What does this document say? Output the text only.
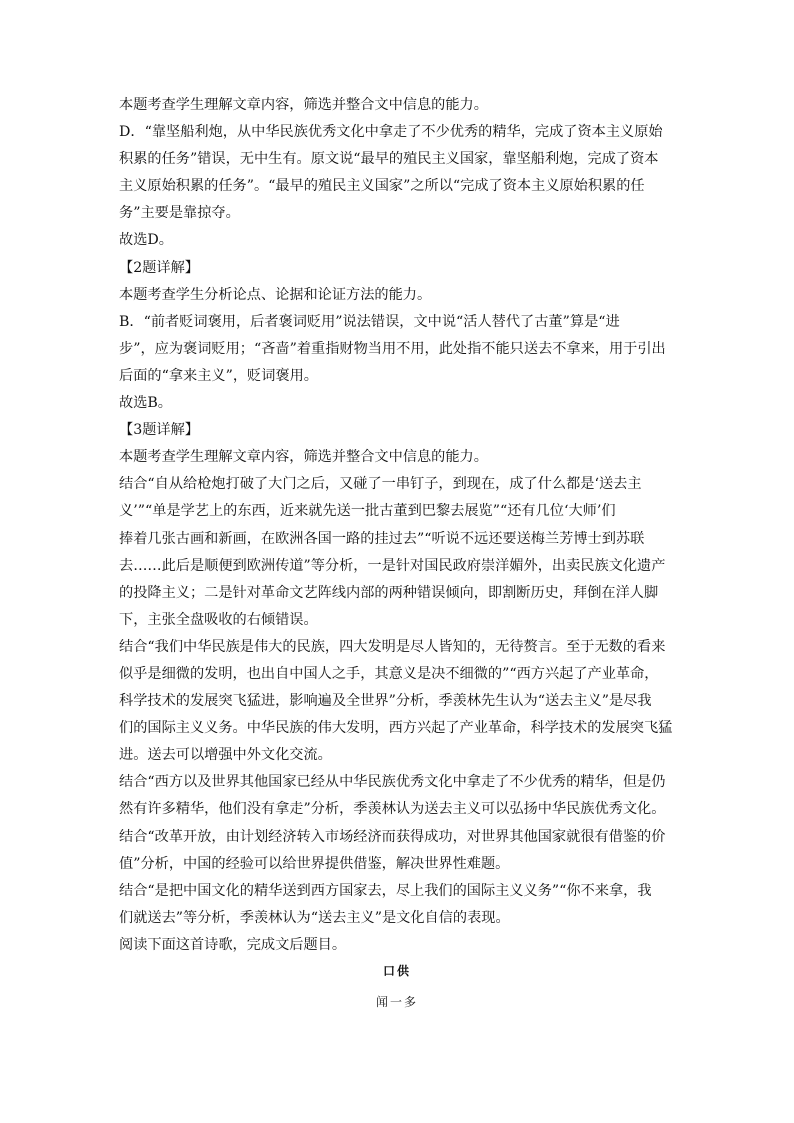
本题考查学生理解文章内容，筛选并整合文中信息的能力。
D．“靠坚船利炮，从中华民族优秀文化中拿走了不少优秀的精华，完成了资本主义原始
积累的任务”错误，无中生有。原文说“最早的殖民主义国家，靠坚船利炮，完成了资本
主义原始积累的任务”。“最早的殖民主义国家”之所以“完成了资本主义原始积累的任
务”主要是靠掠夺。
故选D。
【2题详解】
本题考查学生分析论点、论据和论证方法的能力。
B．“前者贬词褒用，后者褒词贬用”说法错误，文中说“活人替代了古董”算是“进
步”，应为褒词贬用；“吝啬”着重指财物当用不用，此处指不能只送去不拿来，用于引出
后面的“拿来主义”，贬词褒用。
故选B。
【3题详解】
本题考查学生理解文章内容，筛选并整合文中信息的能力。
结合“自从给枪炮打破了大门之后，又碰了一串钉子，到现在，成了什么都是‘送去主
义’”“单是学艺上的东西，近来就先送一批古董到巴黎去展览”“还有几位‘大师’们
捧着几张古画和新画，在欧洲各国一路的挂过去”“听说不远还要送梅兰芳博士到苏联
去……此后是顺便到欧洲传道”等分析，一是针对国民政府崇洋媚外，出卖民族文化遗产
的投降主义；二是针对革命文艺阵线内部的两种错误倾向，即割断历史，拜倒在洋人脚
下，主张全盘吸收的右倾错误。
结合“我们中华民族是伟大的民族，四大发明是尽人皆知的，无待赘言。至于无数的看来
似乎是细微的发明，也出自中国人之手，其意义是决不细微的”“西方兴起了产业革命，
科学技术的发展突飞猛进，影响遍及全世界”分析，季羡林先生认为“送去主义”是尽我
们的国际主义义务。中华民族的伟大发明，西方兴起了产业革命，科学技术的发展突飞猛
进。送去可以增强中外文化交流。
结合“西方以及世界其他国家已经从中华民族优秀文化中拿走了不少优秀的精华，但是仍
然有许多精华，他们没有拿走”分析，季羡林认为送去主义可以弘扬中华民族优秀文化。
结合“改革开放，由计划经济转入市场经济而获得成功，对世界其他国家就很有借鉴的价
值”分析，中国的经验可以给世界提供借鉴，解决世界性难题。
结合“是把中国文化的精华送到西方国家去，尽上我们的国际主义义务”“你不来拿，我
们就送去”等分析，季羡林认为“送去主义”是文化自信的表现。
阅读下面这首诗歌，完成文后题目。
口供
闻一多
